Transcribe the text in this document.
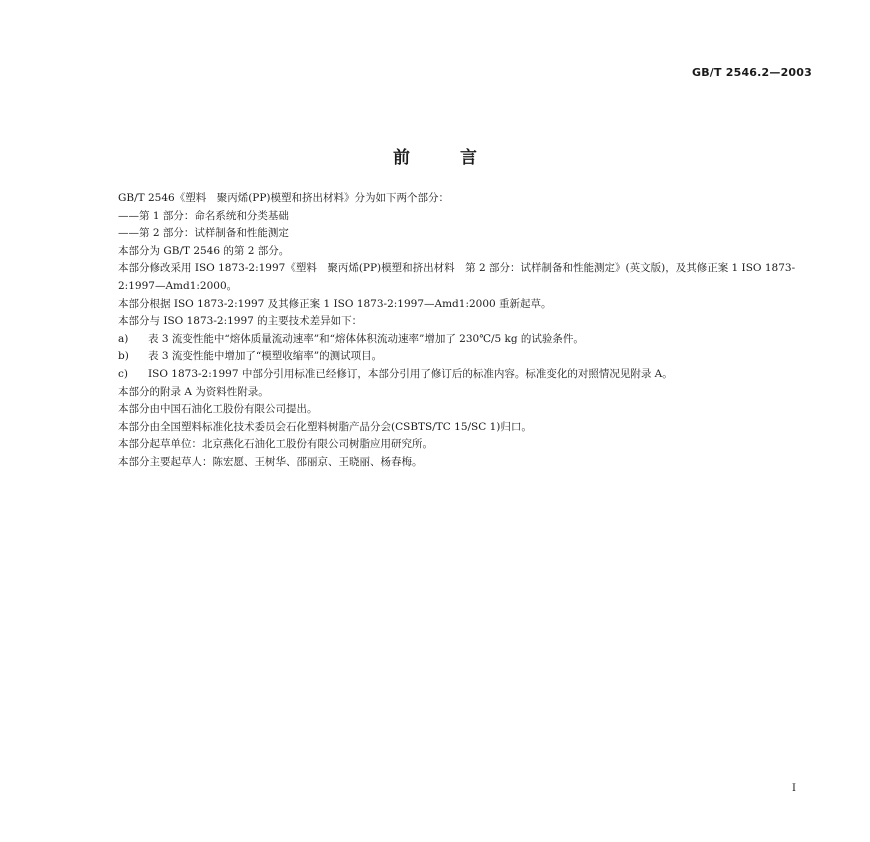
GB/T 2546.2—2003
前言
GB/T 2546《塑料　聚丙烯(PP)模塑和挤出材料》分为如下两个部分：
——第 1 部分：命名系统和分类基础
——第 2 部分：试样制备和性能测定
本部分为 GB/T 2546 的第 2 部分。
本部分修改采用 ISO 1873-2:1997《塑料　聚丙烯(PP)模塑和挤出材料　第 2 部分：试样制备和性能测定》(英文版)，及其修正案 1 ISO 1873-2:1997—Amd1:2000。
本部分根据 ISO 1873-2:1997 及其修正案 1 ISO 1873-2:1997—Amd1:2000 重新起草。
本部分与 ISO 1873-2:1997 的主要技术差异如下：
a)	表 3 流变性能中“熔体质量流动速率”和“熔体体积流动速率”增加了 230℃/5 kg 的试验条件。
b)	表 3 流变性能中增加了“模塑收缩率”的测试项目。
c)	ISO 1873-2:1997 中部分引用标准已经修订，本部分引用了修订后的标准内容。标准变化的对照情况见附录 A。
本部分的附录 A 为资料性附录。
本部分由中国石油化工股份有限公司提出。
本部分由全国塑料标准化技术委员会石化塑料树脂产品分会(CSBTS/TC 15/SC 1)归口。
本部分起草单位：北京燕化石油化工股份有限公司树脂应用研究所。
本部分主要起草人：陈宏愿、王树华、邵丽京、王晓丽、杨春梅。
I
